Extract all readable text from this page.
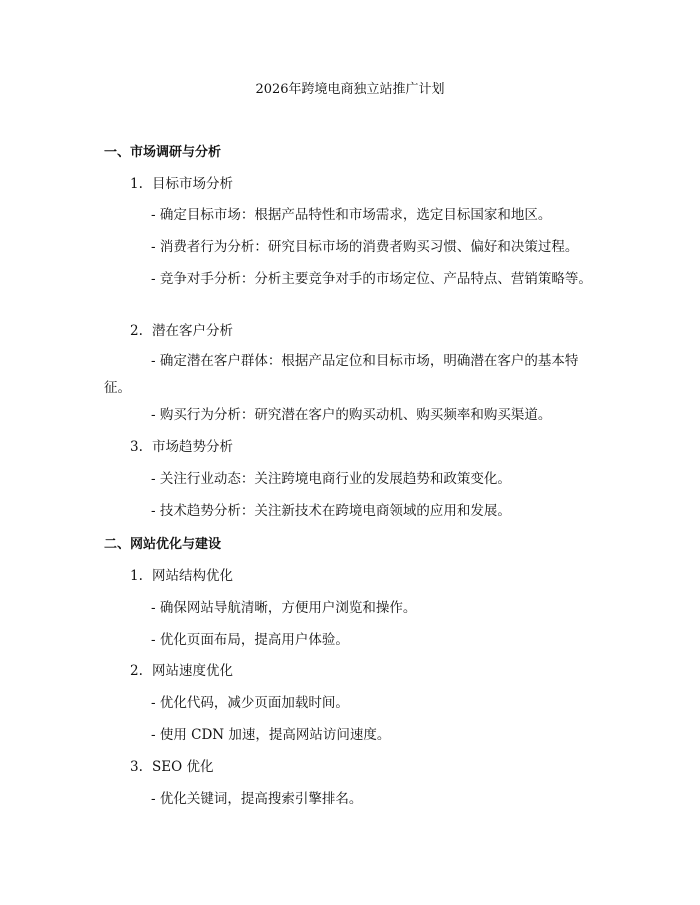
2026年跨境电商独立站推广计划
一、市场调研与分析
1. 目标市场分析
- 确定目标市场：根据产品特性和市场需求，选定目标国家和地区。
- 消费者行为分析：研究目标市场的消费者购买习惯、偏好和决策过程。
- 竞争对手分析：分析主要竞争对手的市场定位、产品特点、营销策略等。
2. 潜在客户分析
- 确定潜在客户群体：根据产品定位和目标市场，明确潜在客户的基本特征。
- 购买行为分析：研究潜在客户的购买动机、购买频率和购买渠道。
3. 市场趋势分析
- 关注行业动态：关注跨境电商行业的发展趋势和政策变化。
- 技术趋势分析：关注新技术在跨境电商领域的应用和发展。
二、网站优化与建设
1. 网站结构优化
- 确保网站导航清晰，方便用户浏览和操作。
- 优化页面布局，提高用户体验。
2. 网站速度优化
- 优化代码，减少页面加载时间。
- 使用 CDN 加速，提高网站访问速度。
3. SEO 优化
- 优化关键词，提高搜索引擎排名。
